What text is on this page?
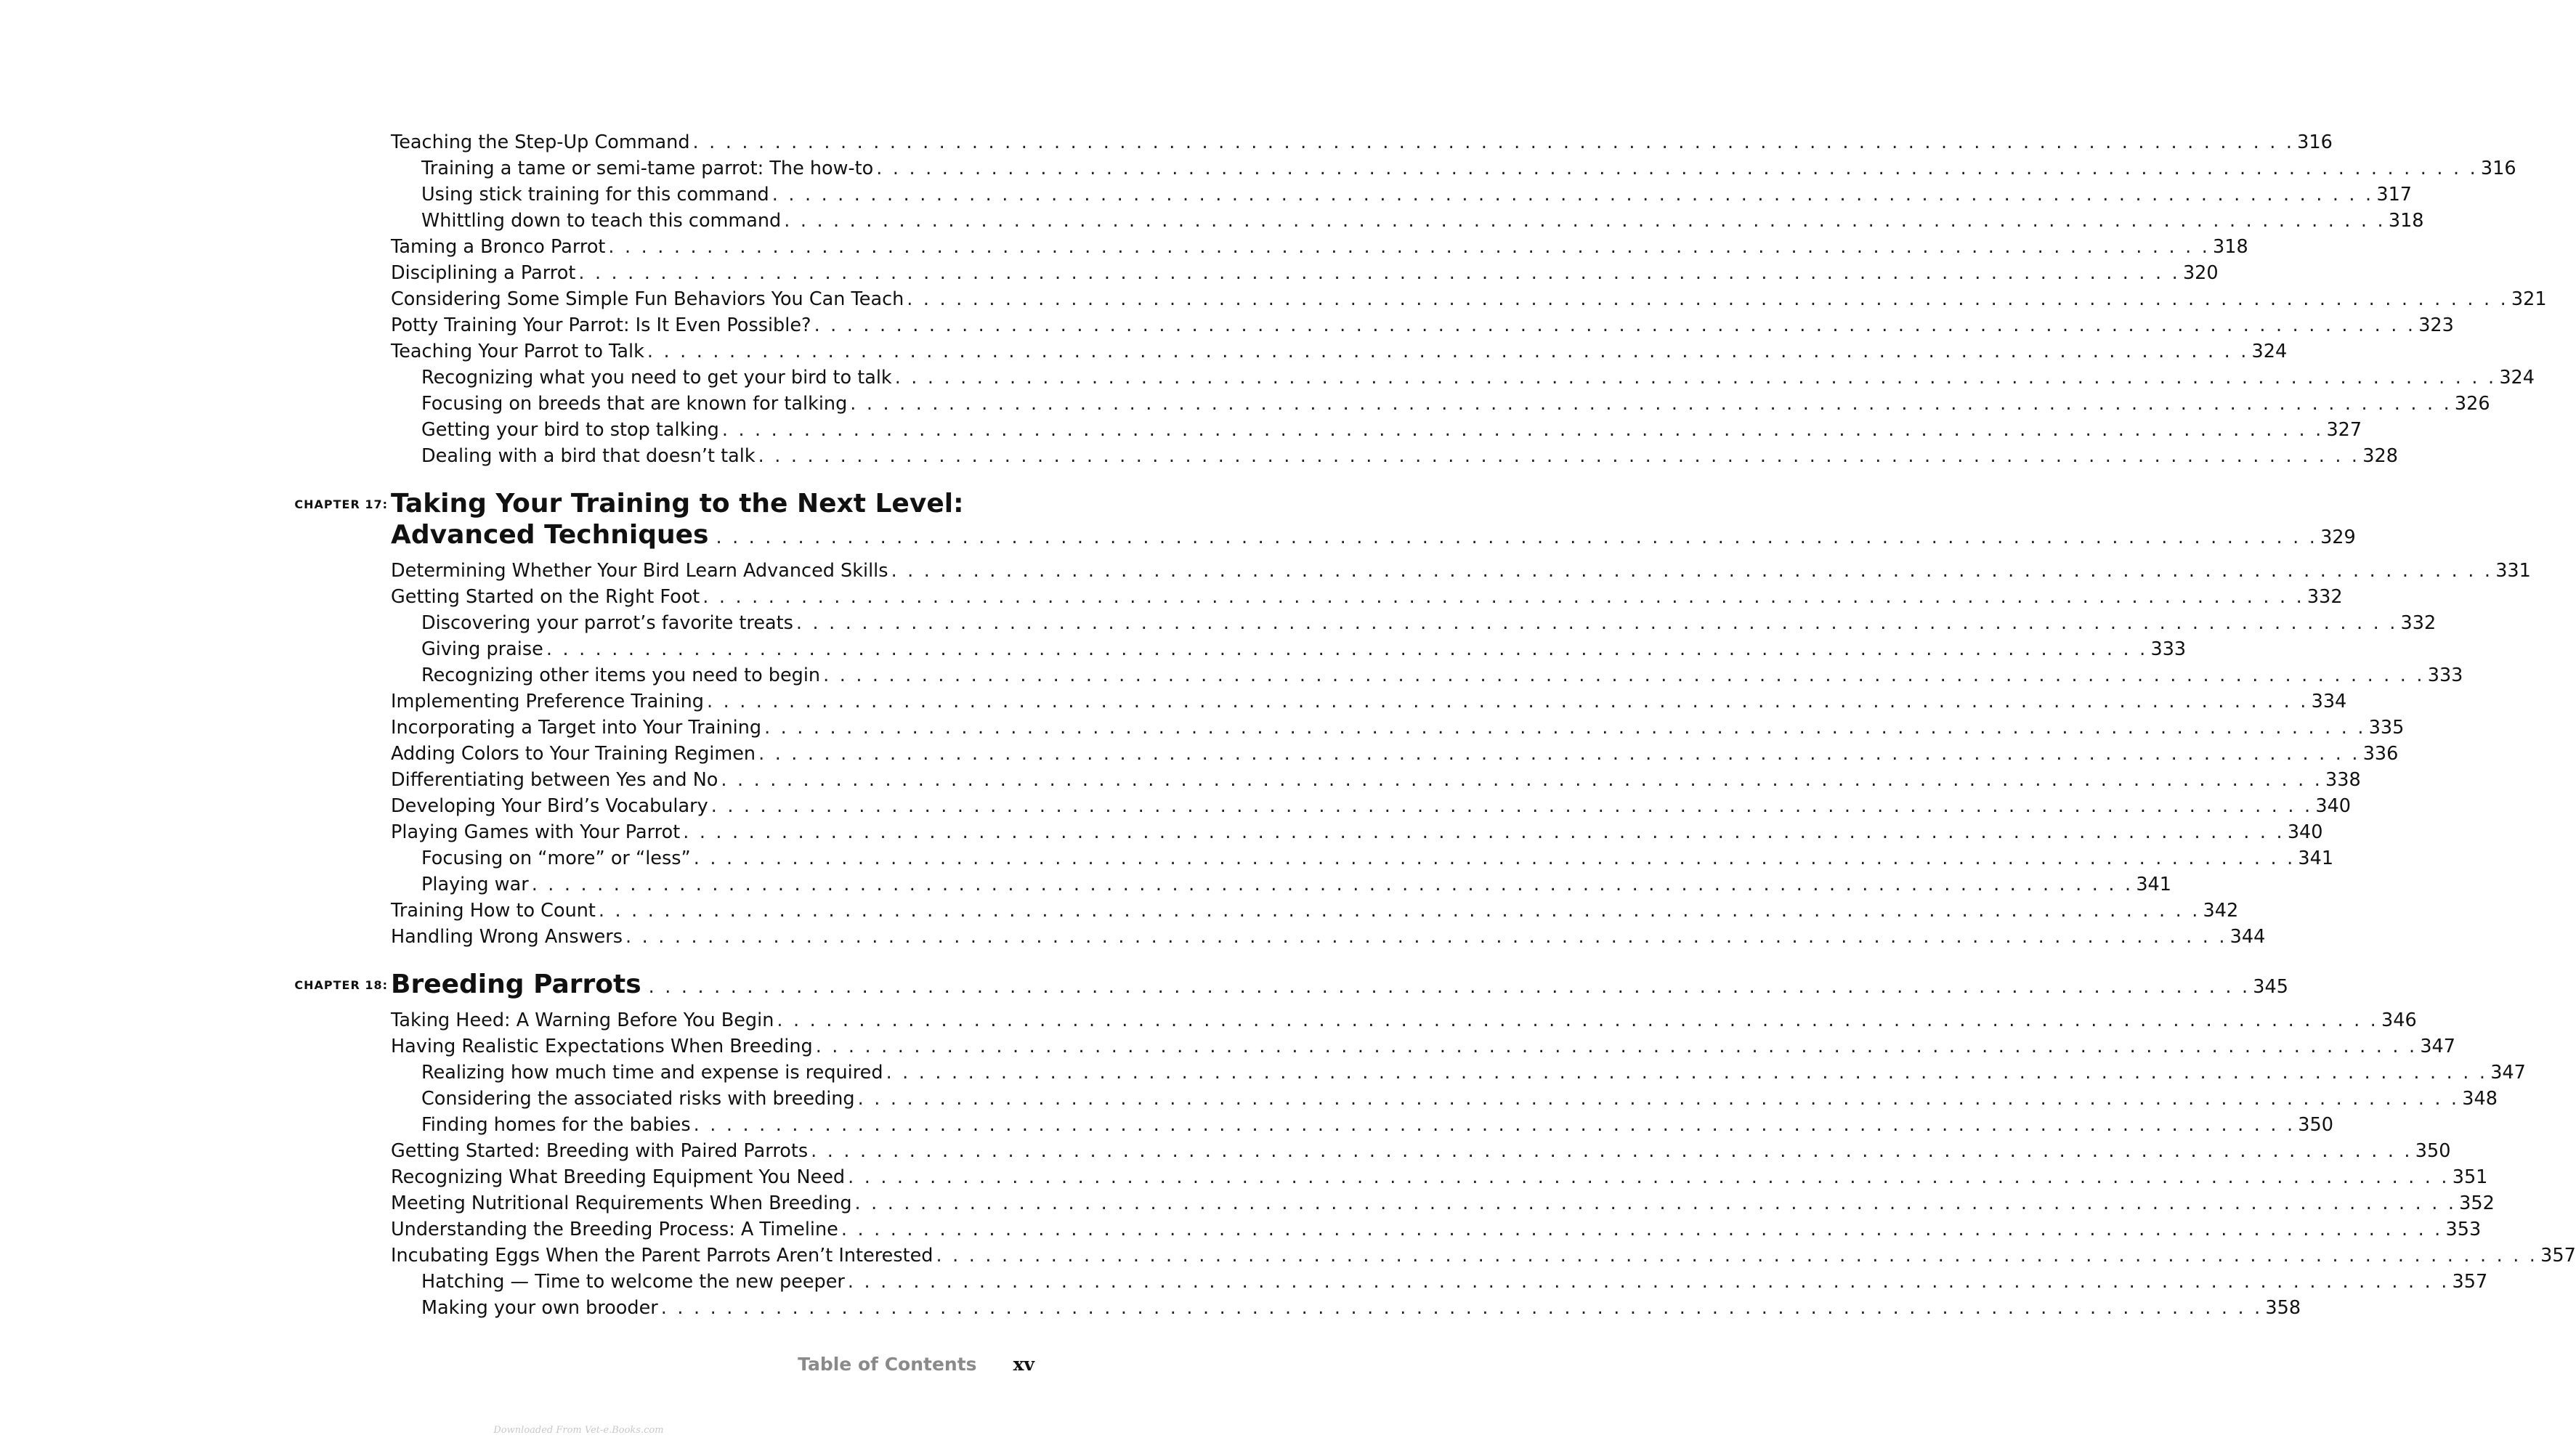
Teaching the Step-Up Command . . . . . . . . . . . . . . . . . . . . . . . . . . . . . . . . . . . . . . . . . . . . . . . . . . . . . . . . . . . . . . . . . . . . . . . . . . . . . . . . . . . . . . . . . . . . . . . . . . 316
Training a tame or semi-tame parrot: The how-to . . . . . . . . . . . . . . . . . . . . . . . . . . . . . . . . . . . . . . . . . . . . . . . . . . . . . . . . . . . . . . . . . . . . . . . . . . . . . . . . . . . . . . . . . . . . . . . . . . 316
Using stick training for this command . . . . . . . . . . . . . . . . . . . . . . . . . . . . . . . . . . . . . . . . . . . . . . . . . . . . . . . . . . . . . . . . . . . . . . . . . . . . . . . . . . . . . . . . . . . . . . . . . . 317
Whittling down to teach this command . . . . . . . . . . . . . . . . . . . . . . . . . . . . . . . . . . . . . . . . . . . . . . . . . . . . . . . . . . . . . . . . . . . . . . . . . . . . . . . . . . . . . . . . . . . . . . . . . . 318
Taming a Bronco Parrot . . . . . . . . . . . . . . . . . . . . . . . . . . . . . . . . . . . . . . . . . . . . . . . . . . . . . . . . . . . . . . . . . . . . . . . . . . . . . . . . . . . . . . . . . . . . . . . . . . 318
Disciplining a Parrot . . . . . . . . . . . . . . . . . . . . . . . . . . . . . . . . . . . . . . . . . . . . . . . . . . . . . . . . . . . . . . . . . . . . . . . . . . . . . . . . . . . . . . . . . . . . . . . . . . 320
Considering Some Simple Fun Behaviors You Can Teach . . . . . . . . . . . . . . . . . . . . . . . . . . . . . . . . . . . . . . . . . . . . . . . . . . . . . . . . . . . . . . . . . . . . . . . . . . . . . . . . . . . . . . . . . . . . . . . . . . 321
Potty Training Your Parrot: Is It Even Possible? . . . . . . . . . . . . . . . . . . . . . . . . . . . . . . . . . . . . . . . . . . . . . . . . . . . . . . . . . . . . . . . . . . . . . . . . . . . . . . . . . . . . . . . . . . . . . . . . . . 323
Teaching Your Parrot to Talk . . . . . . . . . . . . . . . . . . . . . . . . . . . . . . . . . . . . . . . . . . . . . . . . . . . . . . . . . . . . . . . . . . . . . . . . . . . . . . . . . . . . . . . . . . . . . . . . . . 324
Recognizing what you need to get your bird to talk . . . . . . . . . . . . . . . . . . . . . . . . . . . . . . . . . . . . . . . . . . . . . . . . . . . . . . . . . . . . . . . . . . . . . . . . . . . . . . . . . . . . . . . . . . . . . . . . . . 324
Focusing on breeds that are known for talking . . . . . . . . . . . . . . . . . . . . . . . . . . . . . . . . . . . . . . . . . . . . . . . . . . . . . . . . . . . . . . . . . . . . . . . . . . . . . . . . . . . . . . . . . . . . . . . . . . 326
Getting your bird to stop talking . . . . . . . . . . . . . . . . . . . . . . . . . . . . . . . . . . . . . . . . . . . . . . . . . . . . . . . . . . . . . . . . . . . . . . . . . . . . . . . . . . . . . . . . . . . . . . . . . . 327
Dealing with a bird that doesn’t talk . . . . . . . . . . . . . . . . . . . . . . . . . . . . . . . . . . . . . . . . . . . . . . . . . . . . . . . . . . . . . . . . . . . . . . . . . . . . . . . . . . . . . . . . . . . . . . . . . . 328
CHAPTER 17: Taking Your Training to the Next Level:
Advanced Techniques . . . . . . . . . . . . . . . . . . . . . . . . . . . . . . . . . . . . . . . . . . . . . . . . . . . . . . . . . . . . . . . . . . . . . . . . . . . . . . . . . . . . . . . . . . . . . . . . . . 329
Determining Whether Your Bird Learn Advanced Skills . . . . . . . . . . . . . . . . . . . . . . . . . . . . . . . . . . . . . . . . . . . . . . . . . . . . . . . . . . . . . . . . . . . . . . . . . . . . . . . . . . . . . . . . . . . . . . . . . . 331
Getting Started on the Right Foot . . . . . . . . . . . . . . . . . . . . . . . . . . . . . . . . . . . . . . . . . . . . . . . . . . . . . . . . . . . . . . . . . . . . . . . . . . . . . . . . . . . . . . . . . . . . . . . . . . 332
Discovering your parrot’s favorite treats . . . . . . . . . . . . . . . . . . . . . . . . . . . . . . . . . . . . . . . . . . . . . . . . . . . . . . . . . . . . . . . . . . . . . . . . . . . . . . . . . . . . . . . . . . . . . . . . . . 332
Giving praise . . . . . . . . . . . . . . . . . . . . . . . . . . . . . . . . . . . . . . . . . . . . . . . . . . . . . . . . . . . . . . . . . . . . . . . . . . . . . . . . . . . . . . . . . . . . . . . . . . 333
Recognizing other items you need to begin . . . . . . . . . . . . . . . . . . . . . . . . . . . . . . . . . . . . . . . . . . . . . . . . . . . . . . . . . . . . . . . . . . . . . . . . . . . . . . . . . . . . . . . . . . . . . . . . . . 333
Implementing Preference Training . . . . . . . . . . . . . . . . . . . . . . . . . . . . . . . . . . . . . . . . . . . . . . . . . . . . . . . . . . . . . . . . . . . . . . . . . . . . . . . . . . . . . . . . . . . . . . . . . . 334
Incorporating a Target into Your Training . . . . . . . . . . . . . . . . . . . . . . . . . . . . . . . . . . . . . . . . . . . . . . . . . . . . . . . . . . . . . . . . . . . . . . . . . . . . . . . . . . . . . . . . . . . . . . . . . . 335
Adding Colors to Your Training Regimen . . . . . . . . . . . . . . . . . . . . . . . . . . . . . . . . . . . . . . . . . . . . . . . . . . . . . . . . . . . . . . . . . . . . . . . . . . . . . . . . . . . . . . . . . . . . . . . . . . 336
Differentiating between Yes and No . . . . . . . . . . . . . . . . . . . . . . . . . . . . . . . . . . . . . . . . . . . . . . . . . . . . . . . . . . . . . . . . . . . . . . . . . . . . . . . . . . . . . . . . . . . . . . . . . . 338
Developing Your Bird’s Vocabulary . . . . . . . . . . . . . . . . . . . . . . . . . . . . . . . . . . . . . . . . . . . . . . . . . . . . . . . . . . . . . . . . . . . . . . . . . . . . . . . . . . . . . . . . . . . . . . . . . . 340
Playing Games with Your Parrot . . . . . . . . . . . . . . . . . . . . . . . . . . . . . . . . . . . . . . . . . . . . . . . . . . . . . . . . . . . . . . . . . . . . . . . . . . . . . . . . . . . . . . . . . . . . . . . . . . 340
Focusing on “more” or “less” . . . . . . . . . . . . . . . . . . . . . . . . . . . . . . . . . . . . . . . . . . . . . . . . . . . . . . . . . . . . . . . . . . . . . . . . . . . . . . . . . . . . . . . . . . . . . . . . . . 341
Playing war . . . . . . . . . . . . . . . . . . . . . . . . . . . . . . . . . . . . . . . . . . . . . . . . . . . . . . . . . . . . . . . . . . . . . . . . . . . . . . . . . . . . . . . . . . . . . . . . . . 341
Training How to Count . . . . . . . . . . . . . . . . . . . . . . . . . . . . . . . . . . . . . . . . . . . . . . . . . . . . . . . . . . . . . . . . . . . . . . . . . . . . . . . . . . . . . . . . . . . . . . . . . . 342
Handling Wrong Answers . . . . . . . . . . . . . . . . . . . . . . . . . . . . . . . . . . . . . . . . . . . . . . . . . . . . . . . . . . . . . . . . . . . . . . . . . . . . . . . . . . . . . . . . . . . . . . . . . . 344
CHAPTER 18: Breeding Parrots . . . . . . . . . . . . . . . . . . . . . . . . . . . . . . . . . . . . . . . . . . . . . . . . . . . . . . . . . . . . . . . . . . . . . . . . . . . . . . . . . . . . . . . . . . . . . . . . . . 345
Taking Heed: A Warning Before You Begin . . . . . . . . . . . . . . . . . . . . . . . . . . . . . . . . . . . . . . . . . . . . . . . . . . . . . . . . . . . . . . . . . . . . . . . . . . . . . . . . . . . . . . . . . . . . . . . . . . 346
Having Realistic Expectations When Breeding . . . . . . . . . . . . . . . . . . . . . . . . . . . . . . . . . . . . . . . . . . . . . . . . . . . . . . . . . . . . . . . . . . . . . . . . . . . . . . . . . . . . . . . . . . . . . . . . . . 347
Realizing how much time and expense is required . . . . . . . . . . . . . . . . . . . . . . . . . . . . . . . . . . . . . . . . . . . . . . . . . . . . . . . . . . . . . . . . . . . . . . . . . . . . . . . . . . . . . . . . . . . . . . . . . . 347
Considering the associated risks with breeding . . . . . . . . . . . . . . . . . . . . . . . . . . . . . . . . . . . . . . . . . . . . . . . . . . . . . . . . . . . . . . . . . . . . . . . . . . . . . . . . . . . . . . . . . . . . . . . . . . 348
Finding homes for the babies . . . . . . . . . . . . . . . . . . . . . . . . . . . . . . . . . . . . . . . . . . . . . . . . . . . . . . . . . . . . . . . . . . . . . . . . . . . . . . . . . . . . . . . . . . . . . . . . . . 350
Getting Started: Breeding with Paired Parrots . . . . . . . . . . . . . . . . . . . . . . . . . . . . . . . . . . . . . . . . . . . . . . . . . . . . . . . . . . . . . . . . . . . . . . . . . . . . . . . . . . . . . . . . . . . . . . . . . . 350
Recognizing What Breeding Equipment You Need . . . . . . . . . . . . . . . . . . . . . . . . . . . . . . . . . . . . . . . . . . . . . . . . . . . . . . . . . . . . . . . . . . . . . . . . . . . . . . . . . . . . . . . . . . . . . . . . . . 351
Meeting Nutritional Requirements When Breeding . . . . . . . . . . . . . . . . . . . . . . . . . . . . . . . . . . . . . . . . . . . . . . . . . . . . . . . . . . . . . . . . . . . . . . . . . . . . . . . . . . . . . . . . . . . . . . . . . . 352
Understanding the Breeding Process: A Timeline . . . . . . . . . . . . . . . . . . . . . . . . . . . . . . . . . . . . . . . . . . . . . . . . . . . . . . . . . . . . . . . . . . . . . . . . . . . . . . . . . . . . . . . . . . . . . . . . . . 353
Incubating Eggs When the Parent Parrots Aren’t Interested . . . . . . . . . . . . . . . . . . . . . . . . . . . . . . . . . . . . . . . . . . . . . . . . . . . . . . . . . . . . . . . . . . . . . . . . . . . . . . . . . . . . . . . . . . . . . . . . . . 357
Hatching — Time to welcome the new peeper . . . . . . . . . . . . . . . . . . . . . . . . . . . . . . . . . . . . . . . . . . . . . . . . . . . . . . . . . . . . . . . . . . . . . . . . . . . . . . . . . . . . . . . . . . . . . . . . . . 357
Making your own brooder . . . . . . . . . . . . . . . . . . . . . . . . . . . . . . . . . . . . . . . . . . . . . . . . . . . . . . . . . . . . . . . . . . . . . . . . . . . . . . . . . . . . . . . . . . . . . . . . . . 358
Table of Contents xv
Downloaded From Vet-e.Books.com
